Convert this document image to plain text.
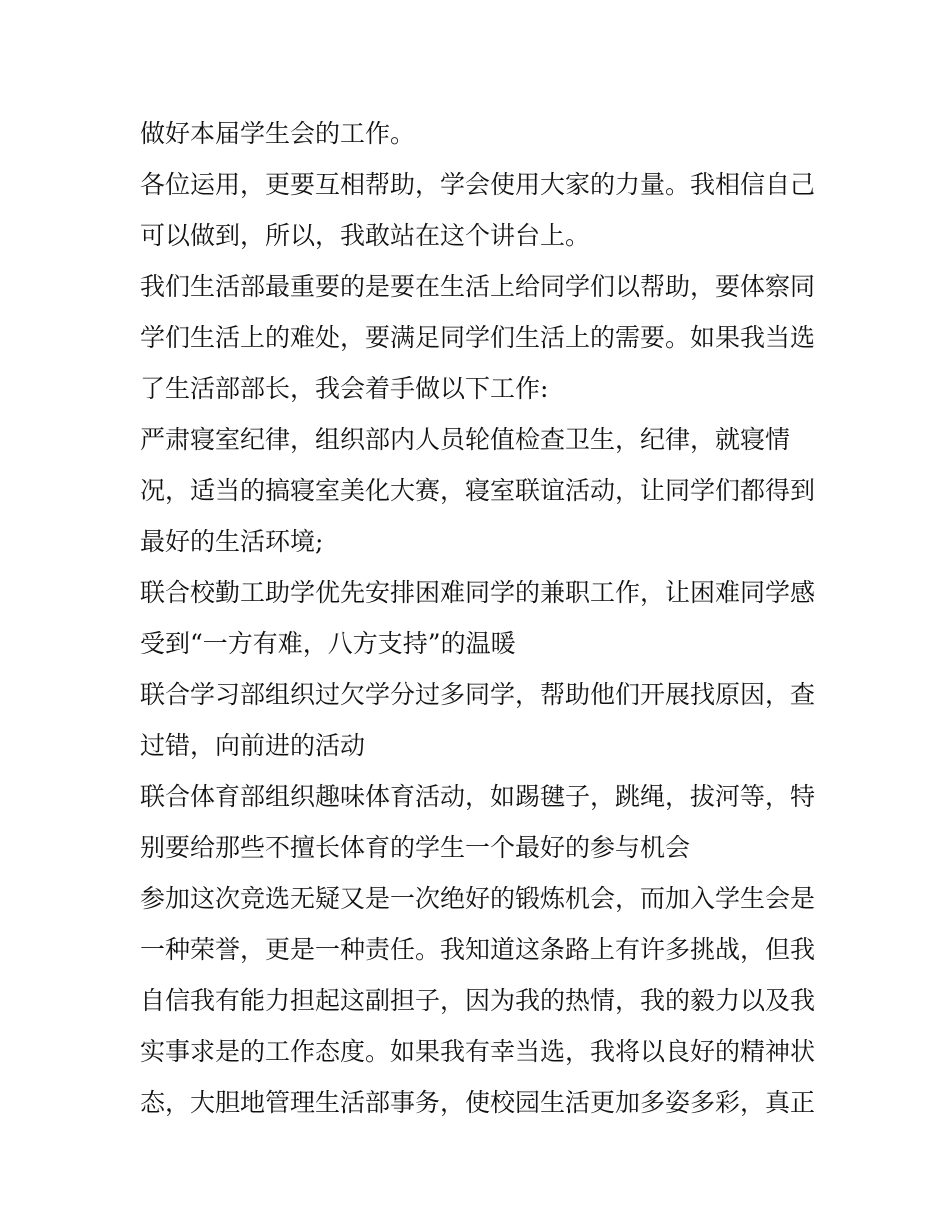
做好本届学生会的工作。
各位运用，更要互相帮助，学会使用大家的力量。我相信自己
可以做到，所以，我敢站在这个讲台上。
我们生活部最重要的是要在生活上给同学们以帮助，要体察同
学们生活上的难处，要满足同学们生活上的需要。如果我当选
了生活部部长，我会着手做以下工作:
严肃寝室纪律，组织部内人员轮值检查卫生，纪律，就寝情
况，适当的搞寝室美化大赛，寝室联谊活动，让同学们都得到
最好的生活环境;
联合校勤工助学优先安排困难同学的兼职工作，让困难同学感
受到“一方有难，八方支持”的温暖
联合学习部组织过欠学分过多同学，帮助他们开展找原因，查
过错，向前进的活动
联合体育部组织趣味体育活动，如踢毽子，跳绳，拔河等，特
别要给那些不擅长体育的学生一个最好的参与机会
参加这次竞选无疑又是一次绝好的锻炼机会，而加入学生会是
一种荣誉，更是一种责任。我知道这条路上有许多挑战，但我
自信我有能力担起这副担子，因为我的热情，我的毅力以及我
实事求是的工作态度。如果我有幸当选，我将以良好的精神状
态，大胆地管理生活部事务，使校园生活更加多姿多彩，真正
